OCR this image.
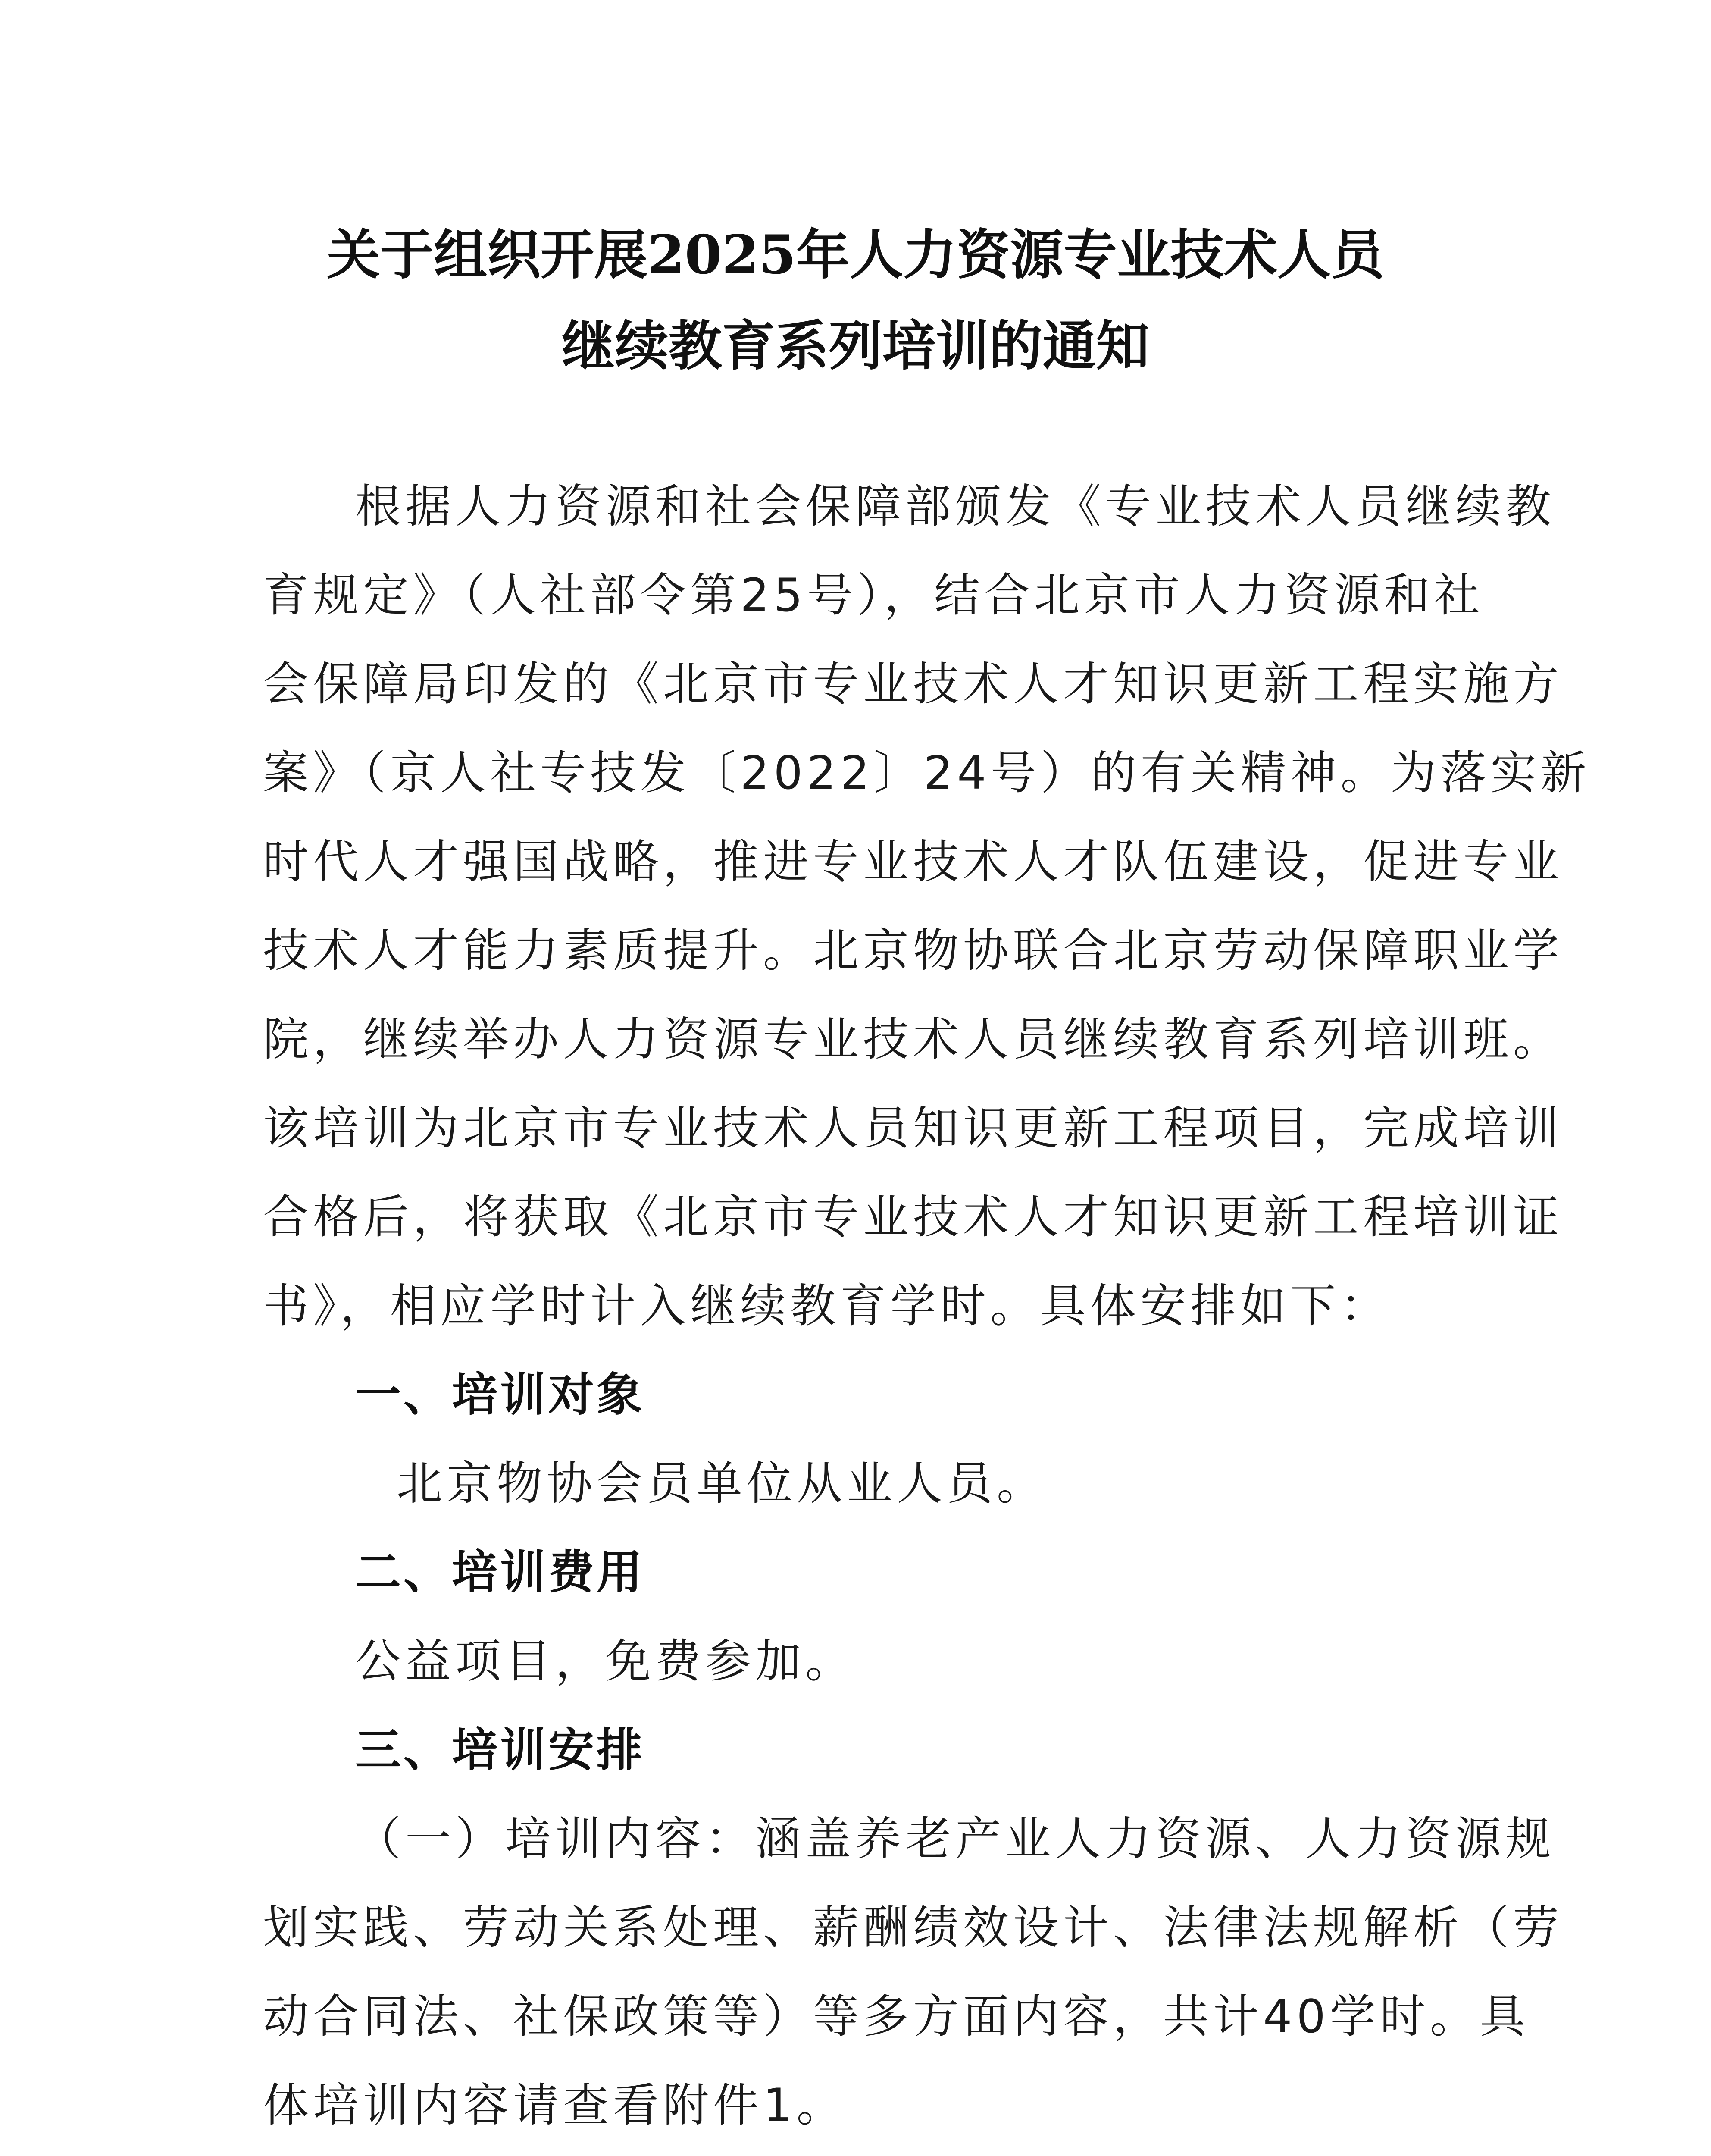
关于组织开展2025年人力资源专业技术人员
继续教育系列培训的通知
根据人力资源和社会保障部颁发《专业技术人员继续教
育规定》（人社部令第25号），结合北京市人力资源和社
会保障局印发的《北京市专业技术人才知识更新工程实施方
案》（京人社专技发〔2022〕24号）的有关精神。为落实新
时代人才强国战略，推进专业技术人才队伍建设，促进专业
技术人才能力素质提升。北京物协联合北京劳动保障职业学
院，继续举办人力资源专业技术人员继续教育系列培训班。
该培训为北京市专业技术人员知识更新工程项目，完成培训
合格后，将获取《北京市专业技术人才知识更新工程培训证
书》，相应学时计入继续教育学时。具体安排如下：
一、培训对象
北京物协会员单位从业人员。
二、培训费用
公益项目，免费参加。
三、培训安排
（一）培训内容：涵盖养老产业人力资源、人力资源规
划实践、劳动关系处理、薪酬绩效设计、法律法规解析（劳
动合同法、社保政策等）等多方面内容，共计40学时。具
体培训内容请查看附件1。
